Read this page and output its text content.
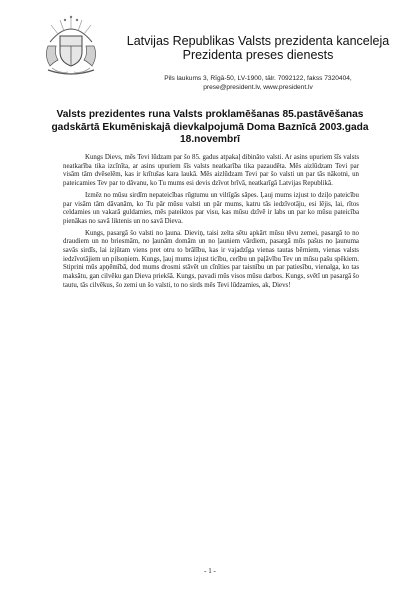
Latvijas Republikas Valsts prezidenta kanceleja
Prezidenta preses dienests
Pils laukums 3, Rīgā-50, LV-1900, tālr. 7092122, fakss 7320404,
prese@president.lv, www.president.lv
Valsts prezidentes runa Valsts proklamēšanas 85.pastāvēšanas gadskārtā Ekumēniskajā dievkalpojumā Doma Baznīcā 2003.gada 18.novembrī

Kungs Dievs, mēs Tevi lūdzam par šo 85. gadus atpakaļ dibināto valsti. Ar asins upuriem šīs valsts neatkarība tika izcīnīta, ar asins upuriem šīs valsts neatkarība tika pazaudēta. Mēs aizlūdzam Tevi par visām tām dvēselēm, kas ir krītušas kara laukā. Mēs aizlūdzam Tevi par šo valsti un par tās nākotni, un pateicamies Tev par to dāvanu, ko Tu mums esi devis dzīvot brīvā, neatkarīgā Latvijas Republikā.

Izmēz no mūsu sirdīm nepateicības rūgtumu un viltīgās sāpes. Ļauj mums izjust to dziļo pateicību par visām tām dāvanām, ko Tu pār mūsu valsti un pār mums, katru tās iedzīvotāju, esi lējis, lai, rītos celdamies un vakarā guldamies, mēs pateiktos par visu, kas mūsu dzīvē ir labs un par ko mūsu pateicība pienākas no savā liktenis un no savā Dieva.

Kungs, pasargā šo valsti no ļauna. Dieviņ, taisi zelta sētu apkārt mūsu tēvu zemei, pasargā to no draudiem un no briesmām, no ļaunām domām un no ļauniem vārdiem, pasargā mūs pašus no ļaunuma savās sirdīs, lai izjūtam viens pret otru to brālību, kas ir vajadzīga vienas tautas bērniem, vienas valsts iedzīvotājiem un pilsoņiem. Kungs, ļauj mums izjust ticību, cerību un paļāvību Tev un mūsu pašu spēkiem. Stiprini mūs apņēmībā, dod mums drosmi stāvēt un cīnīties par taisnību un par patiesību, vienalga, ko tas maksātu, gan cilvēku gan Dieva priekšā. Kungs, pavadi mūs visos mūsu darbos. Kungs, svētī un pasargā šo tautu, tās cilvēkus, šo zemi un šo valsti, to no sirds mēs Tevi lūdzamies, ak, Dievs!

- 1 -
